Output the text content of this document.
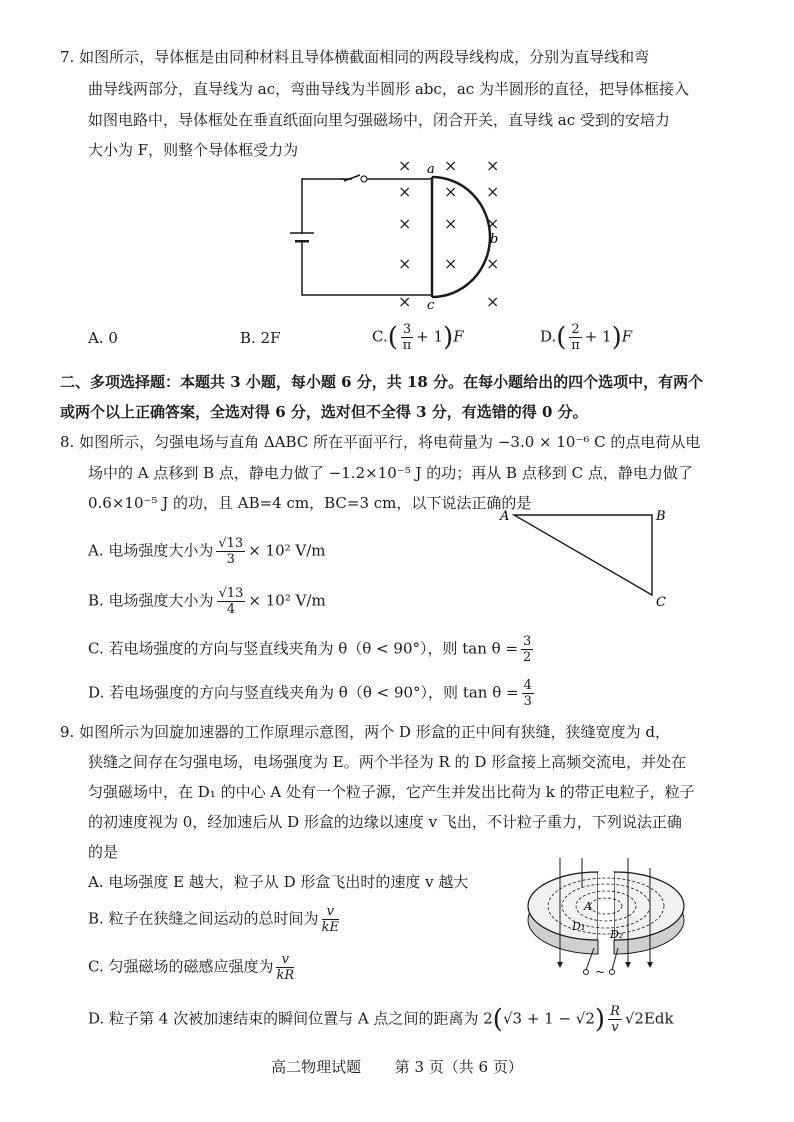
7. 如图所示，导体框是由同种材料且导体横截面相同的两段导线构成，分别为直导线和弯
曲导线两部分，直导线为 ac，弯曲导线为半圆形 abc，ac 为半圆形的直径，把导体框接入
如图电路中，导体框处在垂直纸面向里匀强磁场中，闭合开关，直导线 ac 受到的安培力
大小为 F，则整个导体框受力为
a
b
c
× × ×
× × ×
× × ×
× × ×
×	×
A. 0	B. 2F	$C.( \frac{3}{\pi} + 1)F$	$D.( \frac{2}{\pi} + 1)F$
二、多项选择题：本题共 3 小题，每小题 6 分，共 18 分。在每小题给出的四个选项中，有两个
或两个以上正确答案，全选对得 6 分，选对但不全得 3 分，有选错的得 0 分。
8. 如图所示，匀强电场与直角 ΔABC 所在平面平行，将电荷量为 −3.0 × 10⁻⁶ C 的点电荷从电
场中的 A 点移到 B 点，静电力做了 −1.2×10⁻⁵ J 的功；再从 B 点移到 C 点，静电力做了
0.6×10⁻⁵ J 的功，且 AB=4 cm，BC=3 cm，以下说法正确的是
A	B
C
A. 电场强度大小为 $\frac{√13}{3} \times 10^2$ V/m
B. 电场强度大小为 $\frac{√13}{4} \times 10^2$ V/m
C. 若电场强度的方向与竖直线夹角为 θ（θ < 90°），则 $\tan \theta = \frac{3}{2}$
D. 若电场强度的方向与竖直线夹角为 θ（θ < 90°），则 $\tan \theta = \frac{4}{3}$
9. 如图所示为回旋加速器的工作原理示意图，两个 D 形盒的正中间有狭缝，狭缝宽度为 d，
狭缝之间存在匀强电场，电场强度为 E。两个半径为 R 的 D 形盒接上高频交流电，并处在
匀强磁场中，在 D₁ 的中心 A 处有一个粒子源，它产生并发出比荷为 k 的带正电粒子，粒子
的初速度视为 0，经加速后从 D 形盒的边缘以速度 v 飞出，不计粒子重力，下列说法正确
的是
~
A
D₁
D₂
A. 电场强度 E 越大，粒子从 D 形盒飞出时的速度 v 越大
B. 粒子在狭缝之间运动的总时间为 $\frac{v}{kE}$
C. 匀强磁场的磁感应强度为 $\frac{v}{kR}$
D. 粒子第 4 次被加速结束的瞬间位置与 A 点之间的距离为 $2(√3 + 1 - √2) \frac{R}{v} √2Edk$
高二物理试题 第 3 页（共 6 页）
